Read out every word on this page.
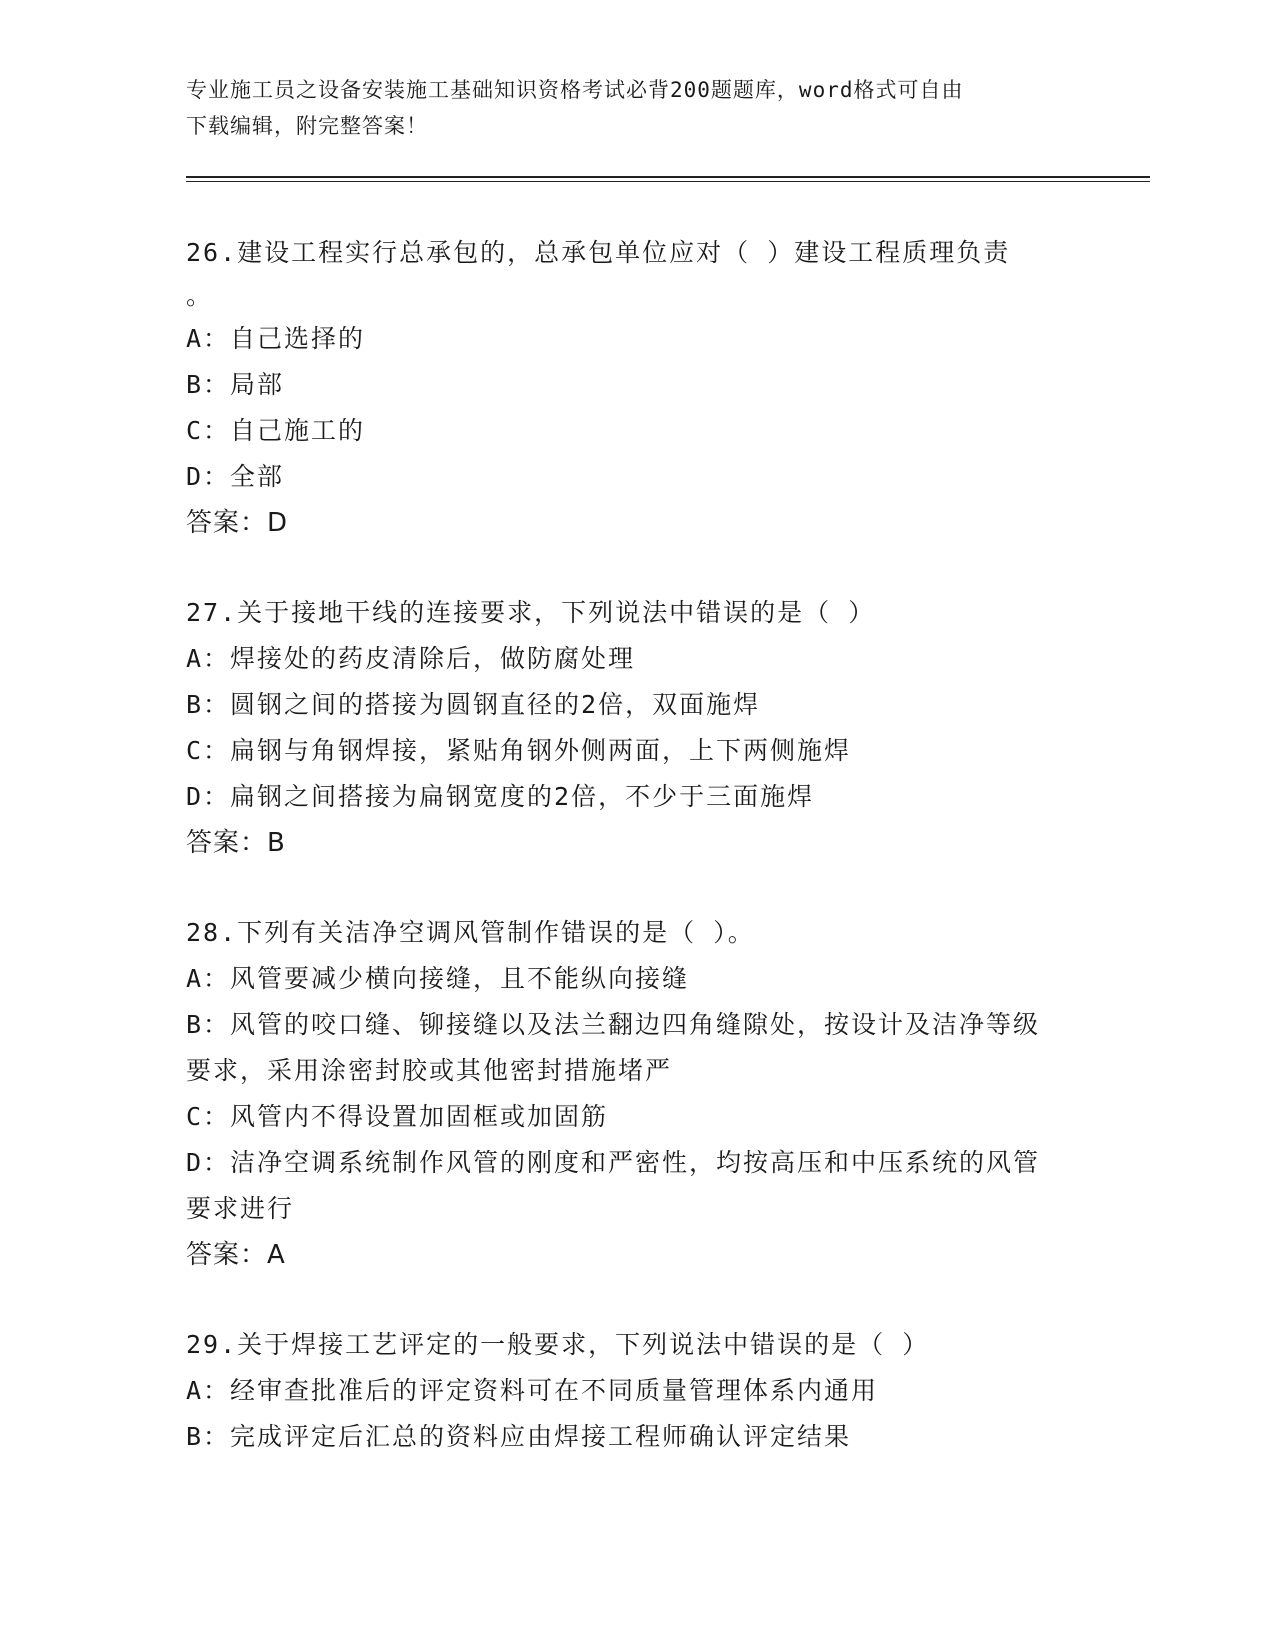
专业施工员之设备安装施工基础知识资格考试必背200题题库，word格式可自由
下载编辑，附完整答案！
26.建设工程实行总承包的，总承包单位应对（ ）建设工程质理负责
。
A：自己选择的
B：局部
C：自己施工的
D：全部
答案：D
27.关于接地干线的连接要求，下列说法中错误的是（ ）
A：焊接处的药皮清除后，做防腐处理
B：圆钢之间的搭接为圆钢直径的2倍，双面施焊
C：扁钢与角钢焊接，紧贴角钢外侧两面，上下两侧施焊
D：扁钢之间搭接为扁钢宽度的2倍，不少于三面施焊
答案：B
28.下列有关洁净空调风管制作错误的是（ ）。
A：风管要减少横向接缝，且不能纵向接缝
B：风管的咬口缝、铆接缝以及法兰翻边四角缝隙处，按设计及洁净等级要求，采用涂密封胶或其他密封措施堵严
C：风管内不得设置加固框或加固筋
D：洁净空调系统制作风管的刚度和严密性，均按高压和中压系统的风管要求进行
答案：A
29.关于焊接工艺评定的一般要求，下列说法中错误的是（ ）
A：经审查批准后的评定资料可在不同质量管理体系内通用
B：完成评定后汇总的资料应由焊接工程师确认评定结果
